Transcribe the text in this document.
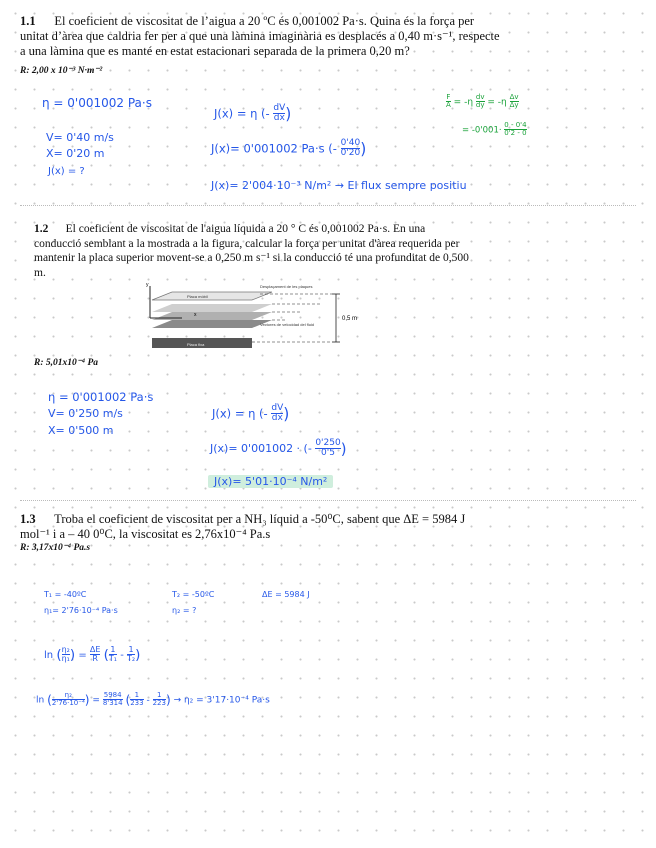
1.1 El coeficient de viscositat de l’aigua a 20 ºC és 0,001002 Pa·s. Quina és la força per
unitat d’àrea que caldria fer per a que una làmina imaginària es desplacés a 0,40 m·s⁻¹, respecte
a una làmina que es manté en estat estacionari separada de la primera 0,20 m?
R: 2,00 x 10⁻³ N·m⁻²
η = 0'001002 Pa·s
V= 0'40 m/s
X= 0'20 m
J(x) = ?
J(x) = η (- $\frac{dV}{dx}$ )
J(x)= 0'001002 Pa·s (- $\frac{0'40}{0'20}$ )
J(x)= 2'004·10⁻³ N/m² → El flux sempre positiu
$\frac{F}{A} = -\eta \frac{dv}{dy} = -\eta \frac{\Delta v}{\Delta y}$
= $-0'001\cdot \frac{0 - 0'4}{0'2 - 0}$
1.2 El coeficient de viscositat de l'aigua líquida a 20 ° C és 0,001002 Pa·s. En una
conducció semblant a la mostrada a la figura, calcular la força per unitat d'àrea requerida per
mantenir la placa superior movent-se a 0,250 m s⁻¹ si la conducció té una profunditat de 0,500
m.
y
x
Placa mòbil
Placa fixa
Desplaçament de les plaques
Vectores de velocidad del fluid
0,5 m
R: 5,01x10⁻⁴ Pa
η = 0'001002 Pa·s
V= 0'250 m/s
X= 0'500 m
J(x) = η (- $\frac{dV}{dx}$ )
J(x)= 0'001002 · (- $\frac{0'250}{0'5}$ )
J(x)= 5'01·10⁻⁴ N/m²
1.3 Troba el coeficient de viscositat per a NH₃ líquid a -50⁰C, sabent que ΔE = 5984 J
mol⁻¹ i a – 40 0⁰C, la viscositat es 2,76x10⁻⁴ Pa.s
R: 3,17x10⁻⁴ Pa.s
T₁ = -40ºC
η₁= 2'76·10⁻⁴ Pa·s
T₂ = -50ºC
η₂ = ?
ΔE = 5984 J
ln ( $\frac{\text{η₂}}{\text{η₁}}$ ) = $\frac{\Delta E}{R}$ ( $\frac{1}{\text{T₁}} - \frac{1}{\text{T₂}}$ )
ln ( $\frac{\text{η₂}}{\text{2'76·10⁻⁴}}$ ) = $\frac{5984}{8'314}$ ( $\frac{1}{233} - \frac{1}{223}$ ) → η₂ = 3'17·10⁻⁴ Pa·s
